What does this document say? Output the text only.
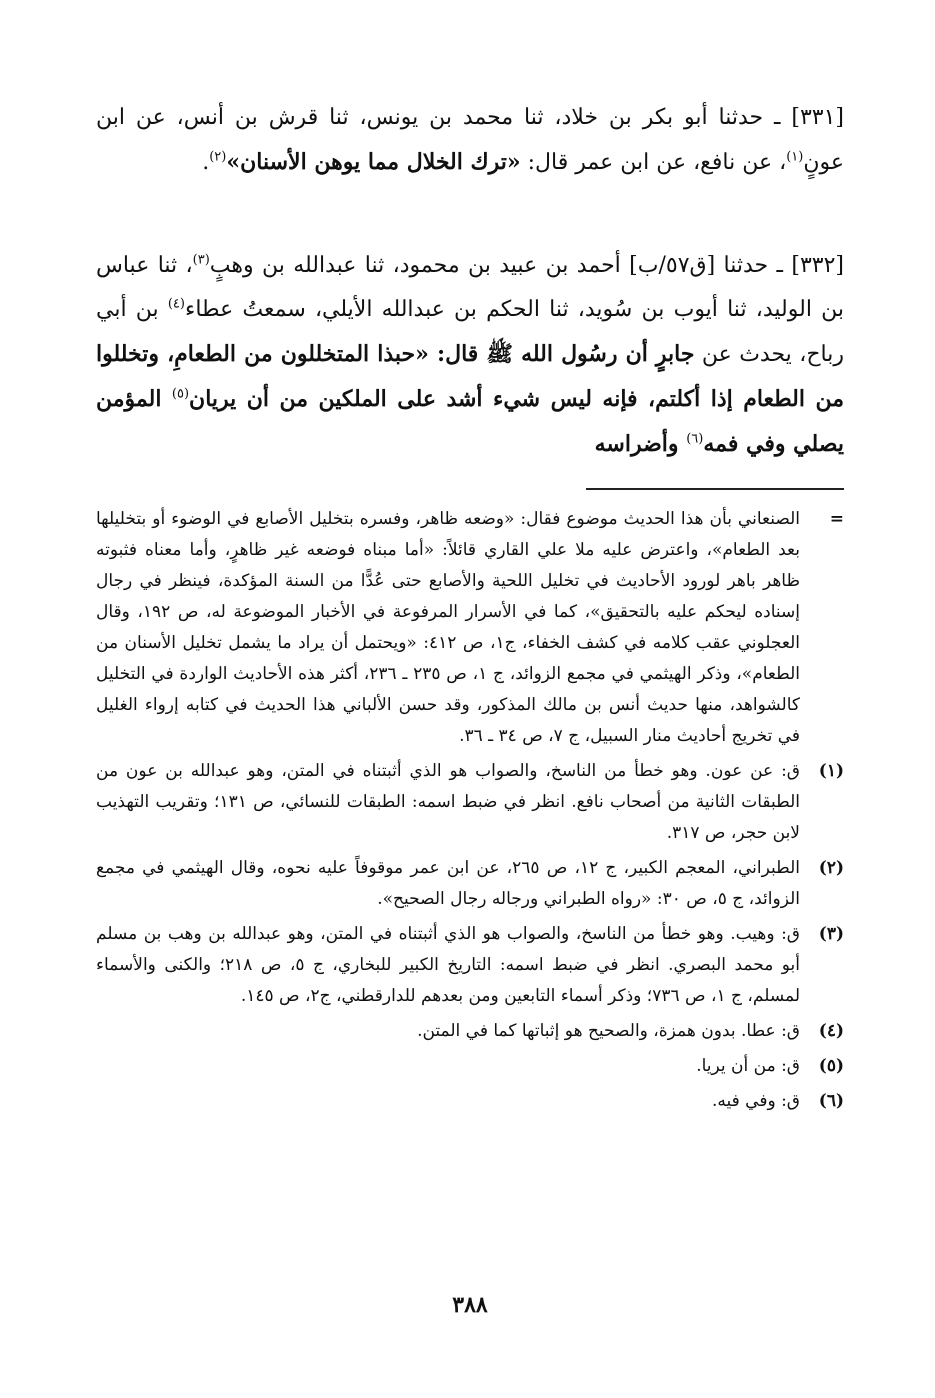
[٣٣١] ـ حدثنا أبو بكر بن خلاد، ثنا محمد بن يونس، ثنا قرش بن أنس، عن ابن عونٍ$^{(١)}$، عن نافع، عن ابن عمر قال: «ترك الخلال مما يوهن الأسنان»$^{(٢)}$.

[٣٣٢] ـ حدثنا [ق٥٧/ب] أحمد بن عبيد بن محمود، ثنا عبدالله بن وهبٍ$^{(٣)}$، ثنا عباس بن الوليد، ثنا أيوب بن سُويد، ثنا الحكم بن عبدالله الأيلي، سمعتُ عطاء$^{(٤)}$ بن أبي رباح، يحدث عن جابرٍ أن رسُول الله ﷺ قال: «حبذا المتخللون من الطعامِ، وتخللوا من الطعام إذا أكلتم، فإنه ليس شيء أشد على الملكين من أن يريان$^{(٥)}$ المؤمن يصلي وفي فمه$^{(٦)}$ وأضراسه

=
الصنعاني بأن هذا الحديث موضوع فقال: «وضعه ظاهر، وفسره بتخليل الأصابع في الوضوء أو بتخليلها بعد الطعام»، واعترض عليه ملا علي القاري قائلاً: «أما مبناه فوضعه غير ظاهرٍ، وأما معناه فثبوته ظاهر باهر لورود الأحاديث في تخليل اللحية والأصابع حتى عُدًّا من السنة المؤكدة، فينظر في رجال إسناده ليحكم عليه بالتحقيق»، كما في الأسرار المرفوعة في الأخبار الموضوعة له، ص ١٩٢، وقال العجلوني عقب كلامه في كشف الخفاء، ج١، ص ٤١٢: «ويحتمل أن يراد ما يشمل تخليل الأسنان من الطعام»، وذكر الهيثمي في مجمع الزوائد، ج ١، ص ٢٣٥ ـ ٢٣٦، أكثر هذه الأحاديث الواردة في التخليل كالشواهد، منها حديث أنس بن مالك المذكور، وقد حسن الألباني هذا الحديث في كتابه إرواء الغليل في تخريج أحاديث منار السبيل، ج ٧، ص ٣٤ ـ ٣٦.
(١)
ق: عن عون. وهو خطأ من الناسخ، والصواب هو الذي أثبتناه في المتن، وهو عبدالله بن عون من الطبقات الثانية من أصحاب نافع. انظر في ضبط اسمه: الطبقات للنسائي، ص ١٣١؛ وتقريب التهذيب لابن حجر، ص ٣١٧.
(٢)
الطبراني، المعجم الكبير، ج ١٢، ص ٢٦٥، عن ابن عمر موقوفاً عليه نحوه، وقال الهيثمي في مجمع الزوائد، ج ٥، ص ٣٠: «رواه الطبراني ورجاله رجال الصحيح».
(٣)
ق: وهيب. وهو خطأ من الناسخ، والصواب هو الذي أثبتناه في المتن، وهو عبدالله بن وهب بن مسلم أبو محمد البصري. انظر في ضبط اسمه: التاريخ الكبير للبخاري، ج ٥، ص ٢١٨؛ والكنى والأسماء لمسلم، ج ١، ص ٧٣٦؛ وذكر أسماء التابعين ومن بعدهم للدارقطني، ج٢، ص ١٤٥.
(٤)
ق: عطا. بدون همزة، والصحيح هو إثباتها كما في المتن.
(٥)
ق: من أن يريا.
(٦)
ق: وفي فيه.
٣٨٨
